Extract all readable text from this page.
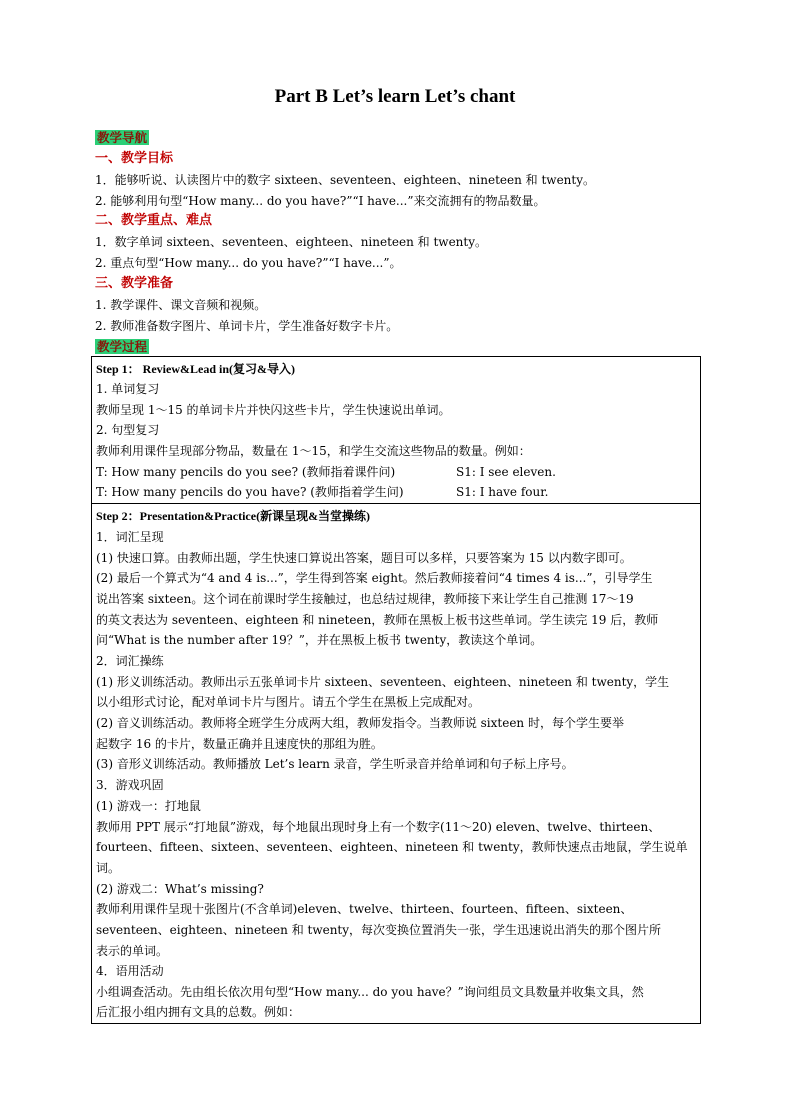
Part B Let’s learn Let’s chant
教学导航
一、教学目标
1．能够听说、认读图片中的数字 sixteen、seventeen、eighteen、nineteen 和 twenty。
2. 能够利用句型“How many... do you have?”“I have...”来交流拥有的物品数量。
二、教学重点、难点
1．数字单词 sixteen、seventeen、eighteen、nineteen 和 twenty。
2. 重点句型“How many... do you have?”“I have...”。
三、教学准备
1. 教学课件、课文音频和视频。
2. 教师准备数字图片、单词卡片，学生准备好数字卡片。
教学过程
Step 1： Review&Lead in(复习&导入)
1. 单词复习
教师呈现 1～15 的单词卡片并快闪这些卡片，学生快速说出单词。
2. 句型复习
教师利用课件呈现部分物品，数量在 1～15，和学生交流这些物品的数量。例如：
T: How many pencils do you see? (教师指着课件问)	S1: I see eleven.
T: How many pencils do you have? (教师指着学生问)	S1: I have four.
Step 2：Presentation&Practice(新课呈现&当堂操练)
1．词汇呈现
(1) 快速口算。由教师出题，学生快速口算说出答案，题目可以多样，只要答案为 15 以内数字即可。
(2) 最后一个算式为“4 and 4 is...”，学生得到答案 eight。然后教师接着问“4 times 4 is...”，引导学生
说出答案 sixteen。这个词在前课时学生接触过，也总结过规律，教师接下来让学生自己推测 17～19
的英文表达为 seventeen、eighteen 和 nineteen，教师在黑板上板书这些单词。学生读完 19 后，教师
问“What is the number after 19？”，并在黑板上板书 twenty，教读这个单词。
2．词汇操练
(1) 形义训练活动。教师出示五张单词卡片 sixteen、seventeen、eighteen、nineteen 和 twenty，学生
以小组形式讨论，配对单词卡片与图片。请五个学生在黑板上完成配对。
(2) 音义训练活动。教师将全班学生分成两大组，教师发指令。当教师说 sixteen 时，每个学生要举
起数字 16 的卡片，数量正确并且速度快的那组为胜。
(3) 音形义训练活动。教师播放 Let’s learn 录音，学生听录音并给单词和句子标上序号。
3．游戏巩固
(1) 游戏一：打地鼠
教师用 PPT 展示“打地鼠”游戏，每个地鼠出现时身上有一个数字(11～20) eleven、twelve、thirteen、
fourteen、fifteen、sixteen、seventeen、eighteen、nineteen 和 twenty，教师快速点击地鼠，学生说单
词。
(2) 游戏二：What’s missing?
教师利用课件呈现十张图片(不含单词)eleven、twelve、thirteen、fourteen、fifteen、sixteen、
seventeen、eighteen、nineteen 和 twenty，每次变换位置消失一张，学生迅速说出消失的那个图片所
表示的单词。
4．语用活动
小组调查活动。先由组长依次用句型“How many... do you have？”询问组员文具数量并收集文具，然
后汇报小组内拥有文具的总数。例如：
